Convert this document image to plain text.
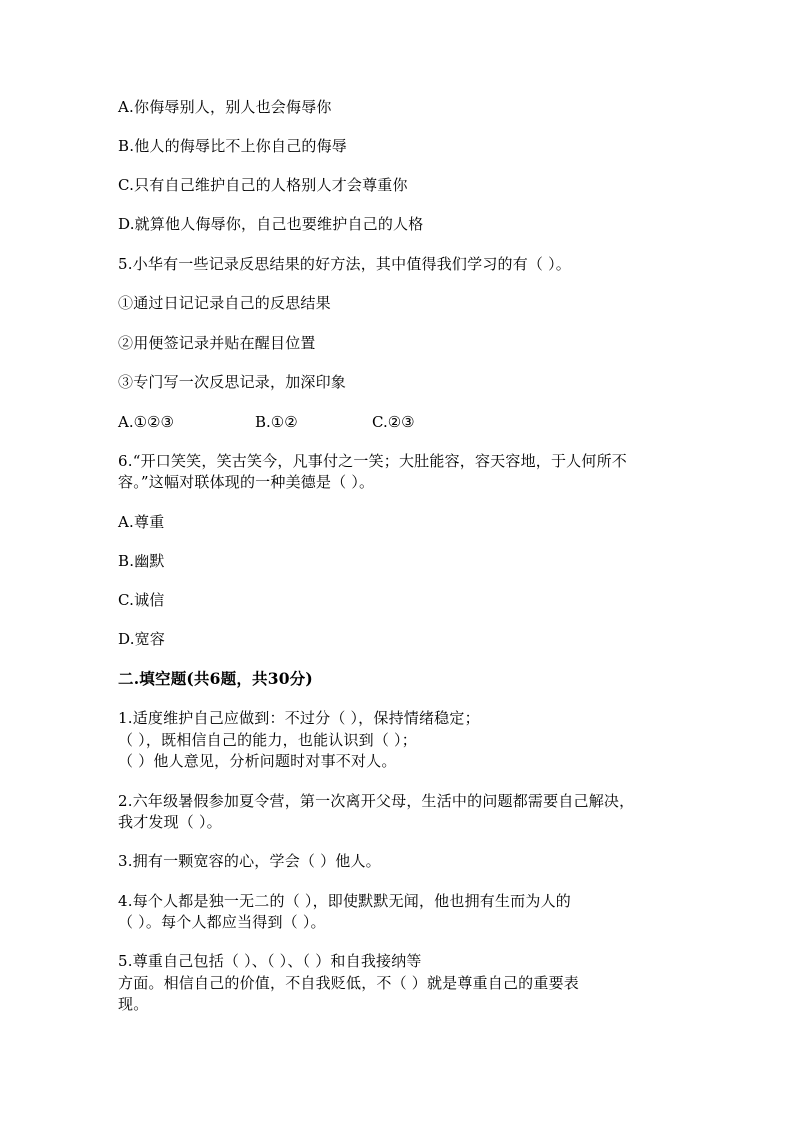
A.你侮辱别人，别人也会侮辱你
B.他人的侮辱比不上你自己的侮辱
C.只有自己维护自己的人格别人才会尊重你
D.就算他人侮辱你，自己也要维护自己的人格
5.小华有一些记录反思结果的好方法，其中值得我们学习的有（ ）。
①通过日记记录自己的反思结果
②用便签记录并贴在醒目位置
③专门写一次反思记录，加深印象
A.①②③	B.①②	C.②③
6.“开口笑笑，笑古笑今，凡事付之一笑；大肚能容，容天容地，于人何所不
容。”这幅对联体现的一种美德是（ ）。
A.尊重
B.幽默
C.诚信
D.宽容
二.填空题(共6题，共30分)
1.适度维护自己应做到：不过分（ ），保持情绪稳定；
（ ），既相信自己的能力，也能认识到（ ）；
（ ）他人意见，分析问题时对事不对人。
2.六年级暑假参加夏令营，第一次离开父母，生活中的问题都需要自己解决，
我才发现（ ）。
3.拥有一颗宽容的心，学会（ ）他人。
4.每个人都是独一无二的（ ），即使默默无闻，他也拥有生而为人的
（ ）。每个人都应当得到（ ）。
5.尊重自己包括（ ）、（ ）、（ ）和自我接纳等
方面。相信自己的价值，不自我贬低，不（ ）就是尊重自己的重要表
现。
